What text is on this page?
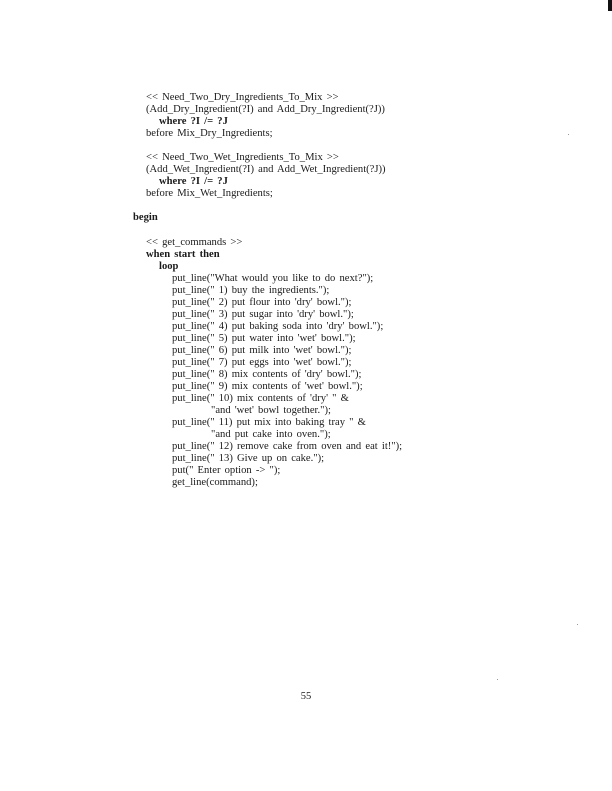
<< Need_Two_Dry_Ingredients_To_Mix >>
(Add_Dry_Ingredient(?I) and Add_Dry_Ingredient(?J))
where ?I /= ?J
before Mix_Dry_Ingredients;
<< Need_Two_Wet_Ingredients_To_Mix >>
(Add_Wet_Ingredient(?I) and Add_Wet_Ingredient(?J))
where ?I /= ?J
before Mix_Wet_Ingredients;
begin
<< get_commands >>
when start then
loop
put_line("What would you like to do next?");
put_line(" 1) buy the ingredients.");
put_line(" 2) put flour into 'dry' bowl.");
put_line(" 3) put sugar into 'dry' bowl.");
put_line(" 4) put baking soda into 'dry' bowl.");
put_line(" 5) put water into 'wet' bowl.");
put_line(" 6) put milk into 'wet' bowl.");
put_line(" 7) put eggs into 'wet' bowl.");
put_line(" 8) mix contents of 'dry' bowl.");
put_line(" 9) mix contents of 'wet' bowl.");
put_line(" 10) mix contents of 'dry' " &
"and 'wet' bowl together.");
put_line(" 11) put mix into baking tray " &
"and put cake into oven.");
put_line(" 12) remove cake from oven and eat it!");
put_line(" 13) Give up on cake.");
put(" Enter option -> ");
get_line(command);
55
